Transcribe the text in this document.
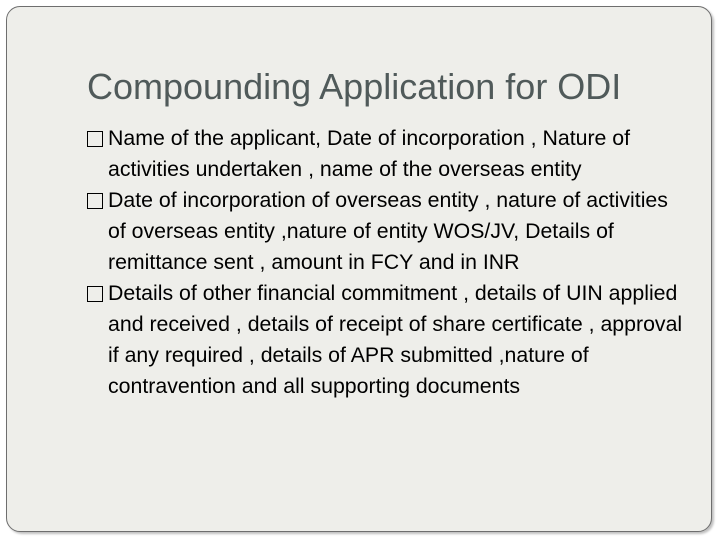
Compounding Application for ODI
Name of the applicant, Date of incorporation , Nature of activities undertaken , name of the overseas entity
Date of incorporation of overseas entity , nature of activities of overseas entity ,nature of entity WOS/JV, Details of remittance sent , amount in FCY and in INR
Details of other financial commitment , details of UIN applied and received , details of receipt of share certificate , approval if any required , details of APR submitted ,nature of contravention and all supporting documents
